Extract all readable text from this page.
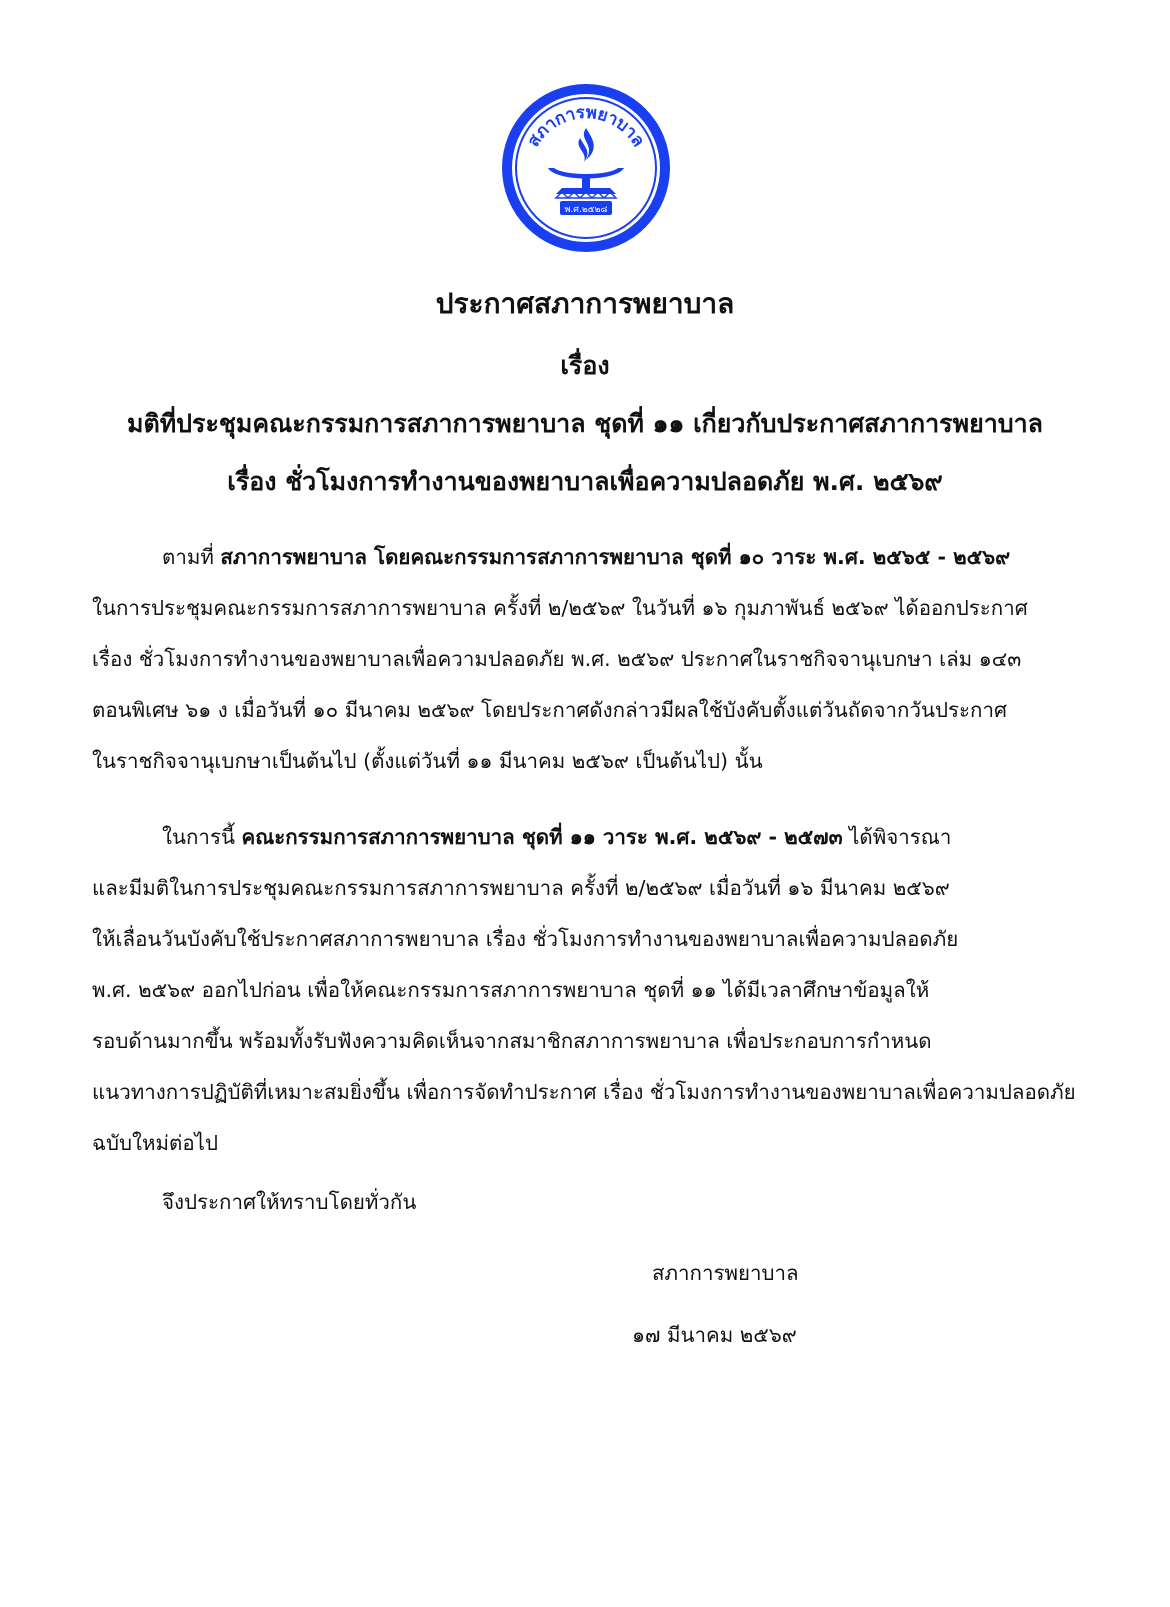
สภาการพยาบาล
พ.ศ.๒๕๒๘
ประกาศสภาการพยาบาล
เรื่อง
มติที่ประชุมคณะกรรมการสภาการพยาบาล ชุดที่ ๑๑ เกี่ยวกับประกาศสภาการพยาบาล
เรื่อง ชั่วโมงการทำงานของพยาบาลเพื่อความปลอดภัย พ.ศ. ๒๕๖๙
ตามที่ สภาการพยาบาล โดยคณะกรรมการสภาการพยาบาล ชุดที่ ๑๐ วาระ พ.ศ. ๒๕๖๕ - ๒๕๖๙
ในการประชุมคณะกรรมการสภาการพยาบาล ครั้งที่ ๒/๒๕๖๙ ในวันที่ ๑๖ กุมภาพันธ์ ๒๕๖๙ ได้ออกประกาศ
เรื่อง ชั่วโมงการทำงานของพยาบาลเพื่อความปลอดภัย พ.ศ. ๒๕๖๙ ประกาศในราชกิจจานุเบกษา เล่ม ๑๔๓
ตอนพิเศษ ๖๑ ง เมื่อวันที่ ๑๐ มีนาคม ๒๕๖๙ โดยประกาศดังกล่าวมีผลใช้บังคับตั้งแต่วันถัดจากวันประกาศ
ในราชกิจจานุเบกษาเป็นต้นไป (ตั้งแต่วันที่ ๑๑ มีนาคม ๒๕๖๙ เป็นต้นไป) นั้น
ในการนี้ คณะกรรมการสภาการพยาบาล ชุดที่ ๑๑ วาระ พ.ศ. ๒๕๖๙ - ๒๕๗๓ ได้พิจารณา
และมีมติในการประชุมคณะกรรมการสภาการพยาบาล ครั้งที่ ๒/๒๕๖๙ เมื่อวันที่ ๑๖ มีนาคม ๒๕๖๙
ให้เลื่อนวันบังคับใช้ประกาศสภาการพยาบาล เรื่อง ชั่วโมงการทำงานของพยาบาลเพื่อความปลอดภัย
พ.ศ. ๒๕๖๙ ออกไปก่อน เพื่อให้คณะกรรมการสภาการพยาบาล ชุดที่ ๑๑ ได้มีเวลาศึกษาข้อมูลให้
รอบด้านมากขึ้น พร้อมทั้งรับฟังความคิดเห็นจากสมาชิกสภาการพยาบาล เพื่อประกอบการกำหนด
แนวทางการปฏิบัติที่เหมาะสมยิ่งขึ้น เพื่อการจัดทำประกาศ เรื่อง ชั่วโมงการทำงานของพยาบาลเพื่อความปลอดภัย
ฉบับใหม่ต่อไป
จึงประกาศให้ทราบโดยทั่วกัน
สภาการพยาบาล
๑๗ มีนาคม ๒๕๖๙
